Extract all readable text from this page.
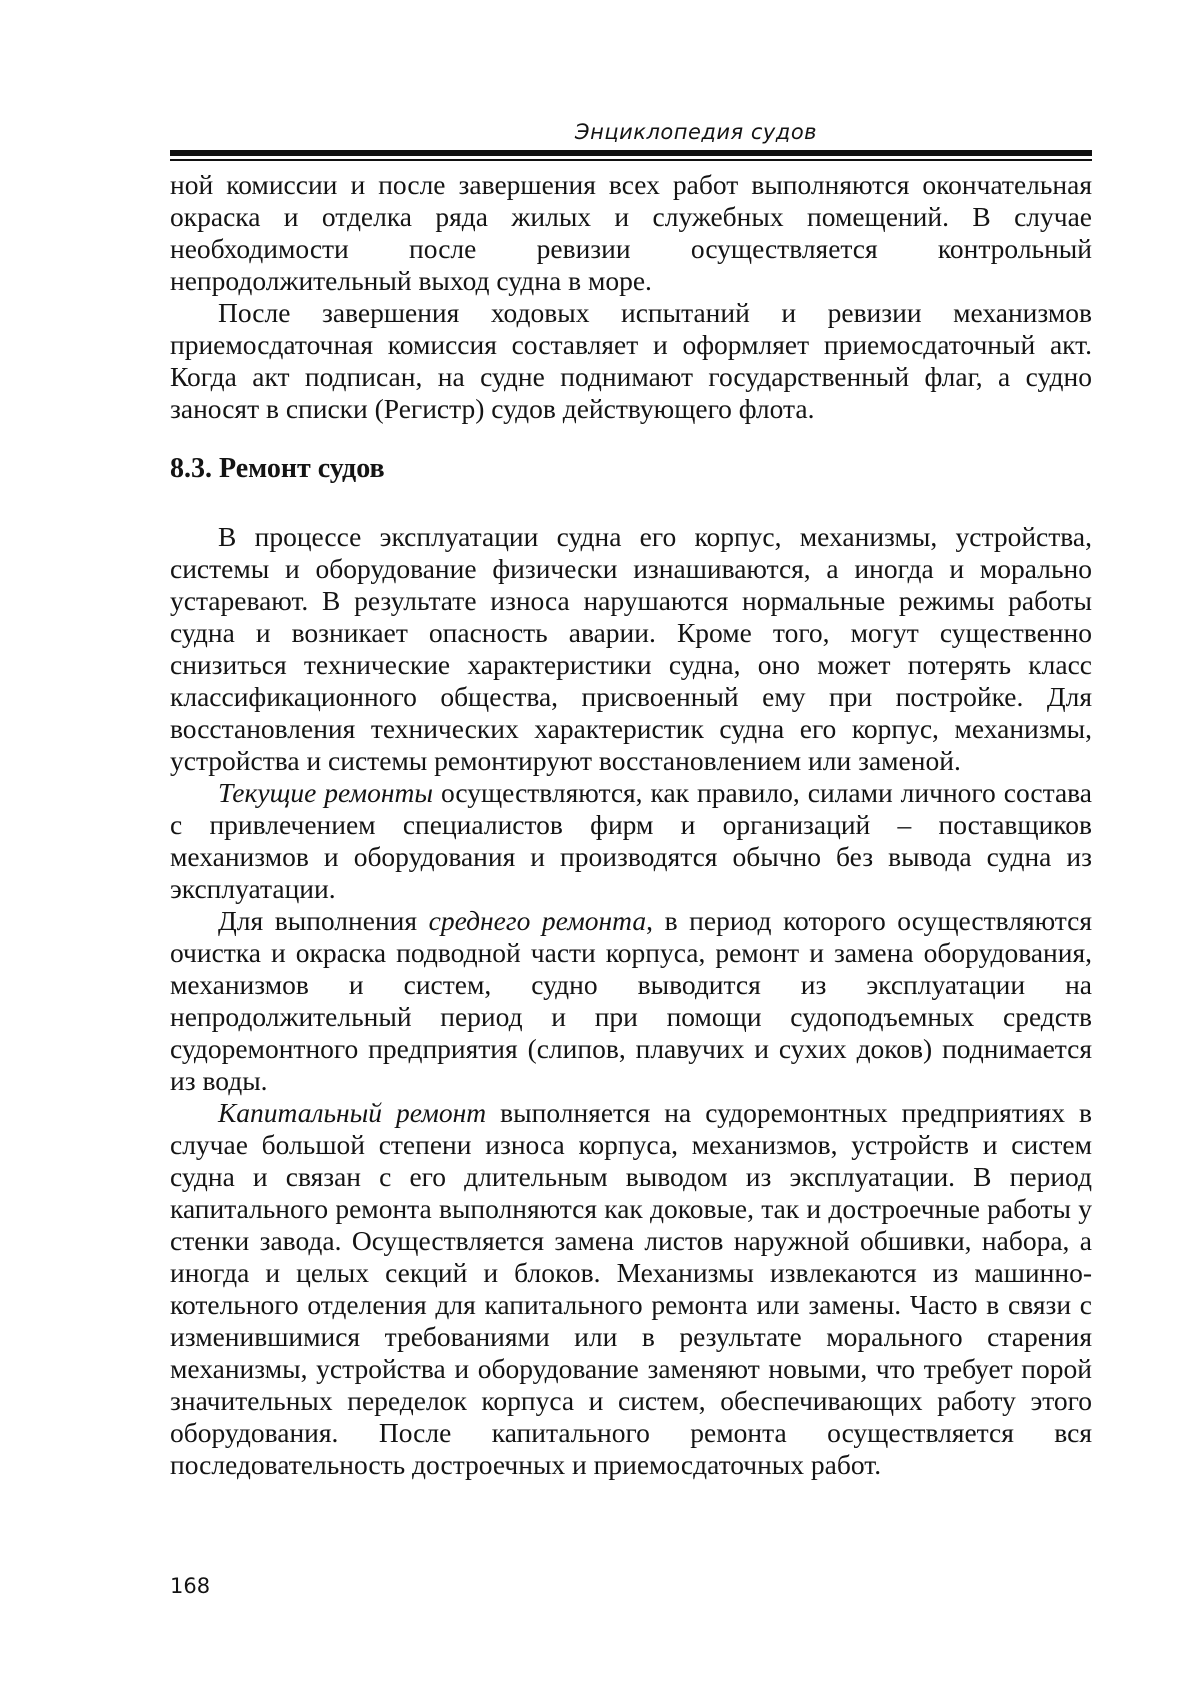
Энциклопедия судов

ной комиссии и после завершения всех работ выполняются окончательная окраска и отделка ряда жилых и служебных помещений. В случае необходимости после ревизии осуществляется контрольный непродолжительный выход судна в море.

После завершения ходовых испытаний и ревизии механизмов приемосдаточная комиссия составляет и оформляет приемосдаточный акт. Когда акт подписан, на судне поднимают государственный флаг, а судно заносят в списки (Регистр) судов действующего флота.

8.3. Ремонт судов

В процессе эксплуатации судна его корпус, механизмы, устройства, системы и оборудование физически изнашиваются, а иногда и морально устаревают. В результате износа нарушаются нормальные режимы работы судна и возникает опасность аварии. Кроме того, могут существенно снизиться технические характеристики судна, оно может потерять класс классификационного общества, присвоенный ему при постройке. Для восстановления технических характеристик судна его корпус, механизмы, устройства и системы ремонтируют восстановлением или заменой.

Текущие ремонты осуществляются, как правило, силами личного состава с привлечением специалистов фирм и организаций – поставщиков механизмов и оборудования и производятся обычно без вывода судна из эксплуатации.

Для выполнения среднего ремонта, в период которого осуществляются очистка и окраска подводной части корпуса, ремонт и замена оборудования, механизмов и систем, судно выводится из эксплуатации на непродолжительный период и при помощи судоподъемных средств судоремонтного предприятия (слипов, плавучих и сухих доков) поднимается из воды.

Капитальный ремонт выполняется на судоремонтных предприятиях в случае большой степени износа корпуса, механизмов, устройств и систем судна и связан с его длительным выводом из эксплуатации. В период капитального ремонта выполняются как доковые, так и достроечные работы у стенки завода. Осуществляется замена листов наружной обшивки, набора, а иногда и целых секций и блоков. Механизмы извлекаются из машинно-котельного отделения для капитального ремонта или замены. Часто в связи с изменившимися требованиями или в результате морального старения механизмы, устройства и оборудование заменяют новыми, что требует порой значительных переделок корпуса и систем, обеспечивающих работу этого оборудования. После капитального ремонта осуществляется вся последовательность достроечных и приемосдаточных работ.

168
